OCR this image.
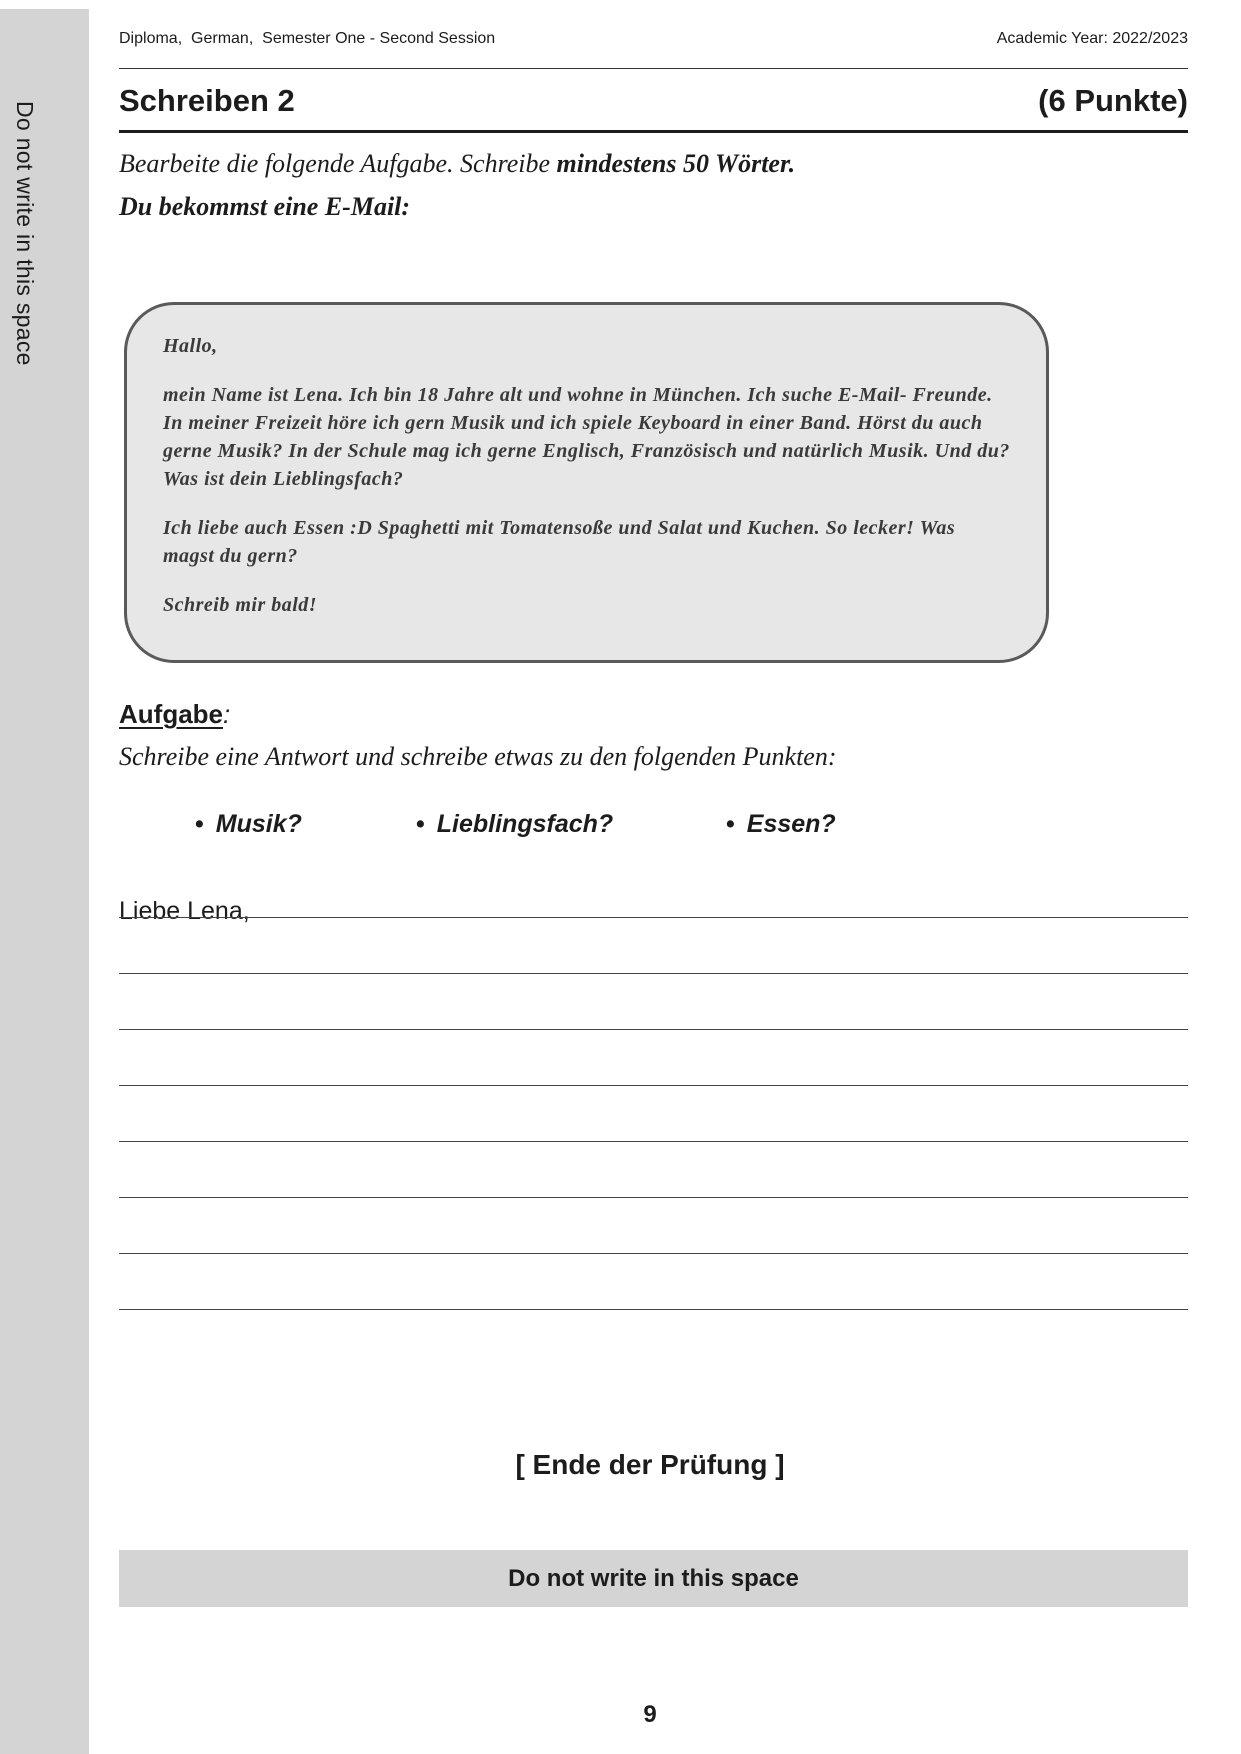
Do not write in this space
Diploma,  German,  Semester One - Second Session	Academic Year: 2022/2023
Schreiben 2	(6 Punkte)
Bearbeite die folgende Aufgabe. Schreibe mindestens 50 Wörter.
Du bekommst eine E-Mail:

Hallo,

mein Name ist Lena. Ich bin 18 Jahre alt und wohne in München. Ich suche E-Mail- Freunde. In meiner Freizeit höre ich gern Musik und ich spiele Keyboard in einer Band. Hörst du auch gerne Musik? In der Schule mag ich gerne Englisch, Französisch und natürlich Musik. Und du? Was ist dein Lieblingsfach?

Ich liebe auch Essen :D Spaghetti mit Tomatensoße und Salat und Kuchen. So lecker! Was magst du gern?

Schreib mir bald!

Aufgabe:
Schreibe eine Antwort und schreibe etwas zu den folgenden Punkten:
• Musik?	• Lieblingsfach?	• Essen?
Liebe Lena,
[ Ende der Prüfung ]
Do not write in this space
9
